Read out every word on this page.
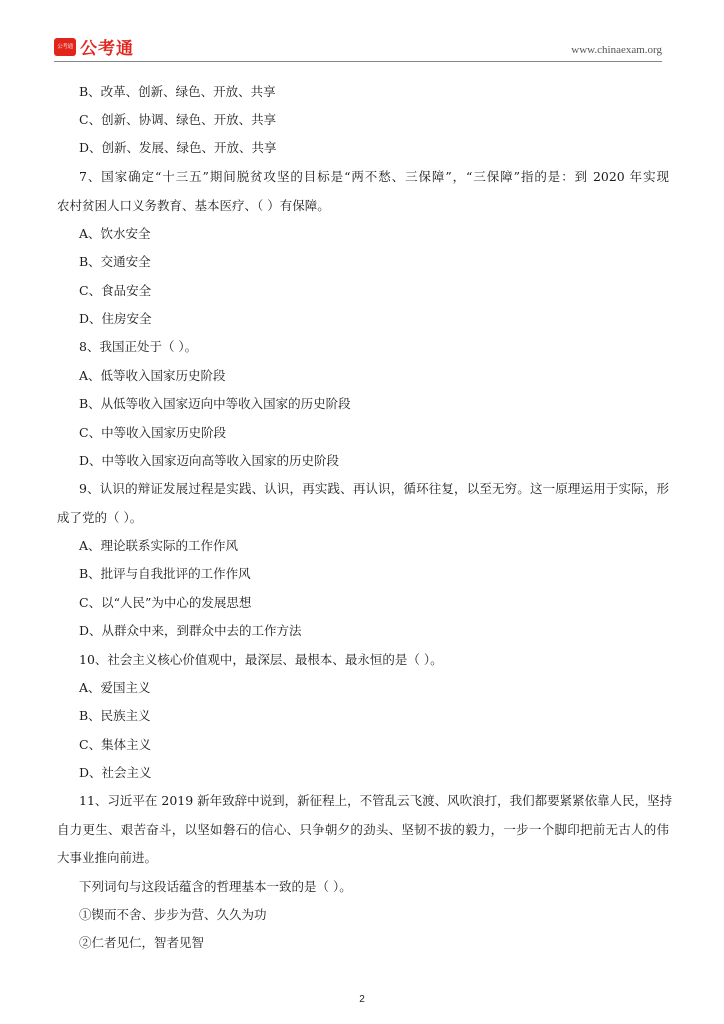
公考通 公考通	www.chinaexam.org
B、改革、创新、绿色、开放、共享
C、创新、协调、绿色、开放、共享
D、创新、发展、绿色、开放、共享
7、国家确定“十三五”期间脱贫攻坚的目标是“两不愁、三保障”，“三保障”指的是：到 2020 年实现
农村贫困人口义务教育、基本医疗、（ ）有保障。
A、饮水安全
B、交通安全
C、食品安全
D、住房安全
8、我国正处于（ ）。
A、低等收入国家历史阶段
B、从低等收入国家迈向中等收入国家的历史阶段
C、中等收入国家历史阶段
D、中等收入国家迈向高等收入国家的历史阶段
9、认识的辩证发展过程是实践、认识，再实践、再认识，循环往复，以至无穷。这一原理运用于实际，形
成了党的（ ）。
A、理论联系实际的工作作风
B、批评与自我批评的工作作风
C、以“人民”为中心的发展思想
D、从群众中来，到群众中去的工作方法
10、社会主义核心价值观中，最深层、最根本、最永恒的是（ ）。
A、爱国主义
B、民族主义
C、集体主义
D、社会主义
11、习近平在 2019 新年致辞中说到，新征程上，不管乱云飞渡、风吹浪打，我们都要紧紧依靠人民，坚持
自力更生、艰苦奋斗，以坚如磐石的信心、只争朝夕的劲头、坚韧不拔的毅力，一步一个脚印把前无古人的伟
大事业推向前进。
下列词句与这段话蕴含的哲理基本一致的是（ ）。
①锲而不舍、步步为营、久久为功
②仁者见仁，智者见智
2
